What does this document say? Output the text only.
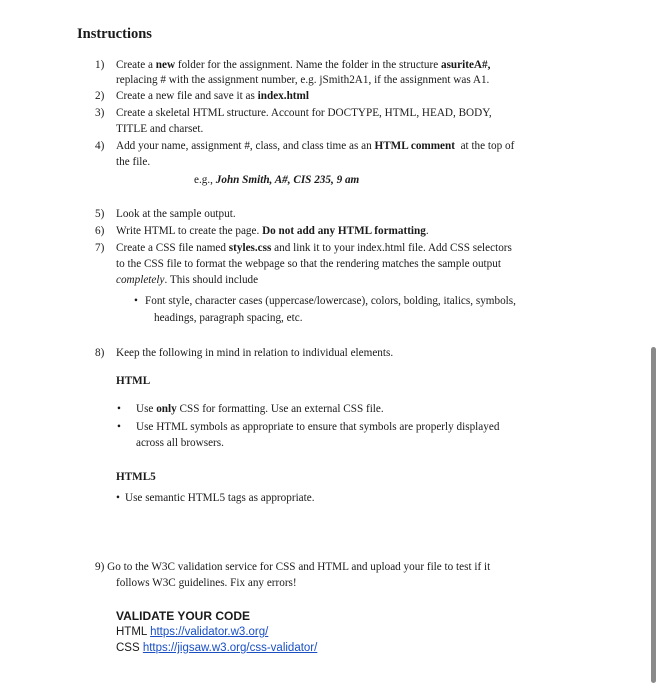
Instructions
1) Create a new folder for the assignment. Name the folder in the structure asuriteA#,
replacing # with the assignment number, e.g. jSmith2A1, if the assignment was A1.
2) Create a new file and save it as index.html
3) Create a skeletal HTML structure. Account for DOCTYPE, HTML, HEAD, BODY,
TITLE and charset.
4) Add your name, assignment #, class, and class time as an HTML comment  at the top of
the file.
e.g., John Smith, A#, CIS 235, 9 am
5) Look at the sample output.
6) Write HTML to create the page. Do not add any HTML formatting.
7) Create a CSS file named styles.css and link it to your index.html file. Add CSS selectors
to the CSS file to format the webpage so that the rendering matches the sample output
completely. This should include
• Font style, character cases (uppercase/lowercase), colors, bolding, italics, symbols,
headings, paragraph spacing, etc.
8) Keep the following in mind in relation to individual elements.
HTML
• Use only CSS for formatting. Use an external CSS file.
• Use HTML symbols as appropriate to ensure that symbols are properly displayed
across all browsers.
HTML5
• Use semantic HTML5 tags as appropriate.
9) Go to the W3C validation service for CSS and HTML and upload your file to test if it
follows W3C guidelines. Fix any errors!
VALIDATE YOUR CODE
HTML https://validator.w3.org/
CSS https://jigsaw.w3.org/css-validator/
